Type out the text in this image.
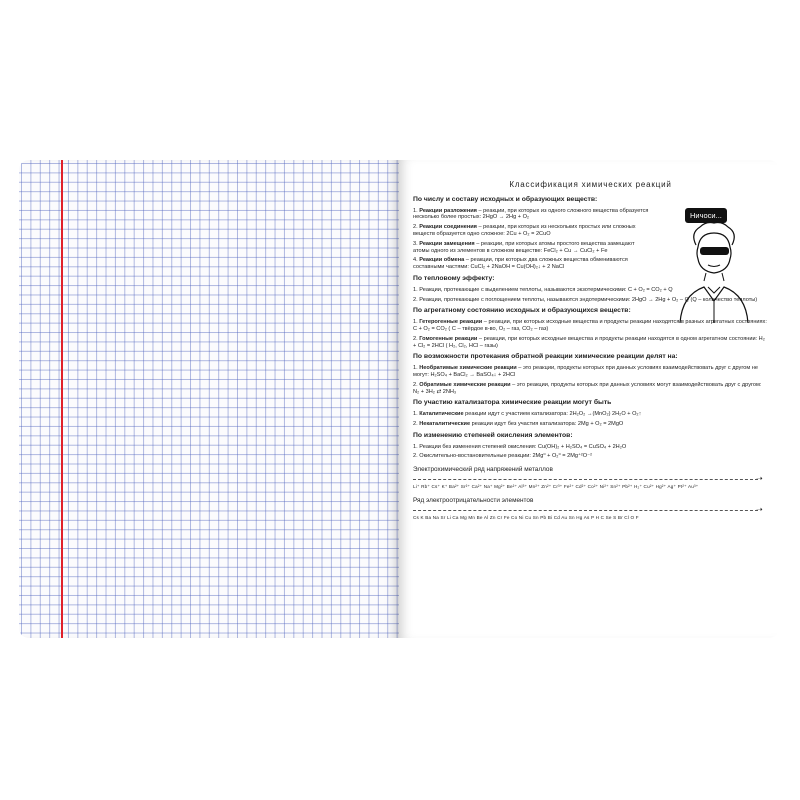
Классификация химических реакций
По числу и составу исходных и образующих веществ:
1. Реакции разложения – реакции, при которых из одного сложного вещества образуется несколько более простых: 2HgO → 2Hg + O₂
2. Реакции соединения – реакции, при которых из нескольких простых или сложных веществ образуется одно сложное: 2Cu + O₂ = 2CuO
3. Реакции замещения – реакции, при которых атомы простого вещества замещают атомы одного из элементов в сложном веществе: FeCl₂ + Cu → CuCl₂ + Fe
4. Реакции обмена – реакции, при которых два сложных вещества обмениваются составными частями: CuCl₂ + 2NaOH = Cu(OH)₂↓ + 2 NaCl
По тепловому эффекту:
1. Реакции, протекающие с выделением теплоты, называются экзотермическими: C + O₂ = CO₂ + Q
2. Реакции, протекающие с поглощением теплоты, называются эндотермическими: 2HgO → 2Hg + O₂ – Q (Q – количество теплоты)
По агрегатному состоянию исходных и образующихся веществ:
1. Гетерогенные реакции – реакции, при которых исходные вещества и продукты реакции находятся в разных агрегатных состояниях: C + O₂ = CO₂ ( C – твёрдое в-во, O₂ – газ, CO₂ – газ)
2. Гомогенные реакции – реакции, при которых исходные вещества и продукты реакции находятся в одном агрегатном состоянии: H₂ + Cl₂ = 2HCl ( H₂, Cl₂, HCl – газы)
По возможности протекания обратной реакции химические реакции делят на:
1. Необратимые химические реакции – это реакции, продукты которых при данных условиях взаимодействовать друг с другом не могут: H₂SO₄ + BaCl₂ → BaSO₄↓ + 2HCl
2. Обратимые химические реакции – это реакции, продукты которых при данных условиях могут взаимодействовать друг с другом: N₂ + 3H₂ ⇄ 2NH₃
По участию катализатора химические реакции могут быть
1. Каталитические реакции идут с участием катализатора: 2H₂O₂ →(MnO₂) 2H₂O + O₂↑
2. Некаталитические реакции идут без участия катализатора: 2Mg + O₂ = 2MgO
По изменению степеней окисления элементов:
1. Реакции без изменения степеней окисления: Cu(OH)₂ + H₂SO₄ = CuSO₄ + 2H₂O
2. Окислительно-востановительные реакции: 2Mg⁰ + O₂⁰ = 2Mg⁺²O⁻²
Электрохимический ряд напряжений металлов
➝
Li⁺ Rb⁺ Cs⁺ K⁺ Ba²⁺ Sr²⁺ Ca²⁺ Na⁺ Mg²⁺ Be²⁺ Al³⁺ Mn²⁺ Zn²⁺ Cr³⁺ Fe²⁺ Cd²⁺ Co²⁺ Ni²⁺ Sn²⁺ Pb²⁺ H₂⁺ Cu²⁺ Hg²⁺ Ag⁺ Pt²⁺ Au³⁺
Ряд электроотрицательности элементов
➝
Cs K Ba Na Sr Li Ca Mg Mn Be Al Zn Cr Fe Co Ni Cu Sn Pb Bi Cd Au Sn Hg As P H C Se S Br Cl O F
Ничоси...
